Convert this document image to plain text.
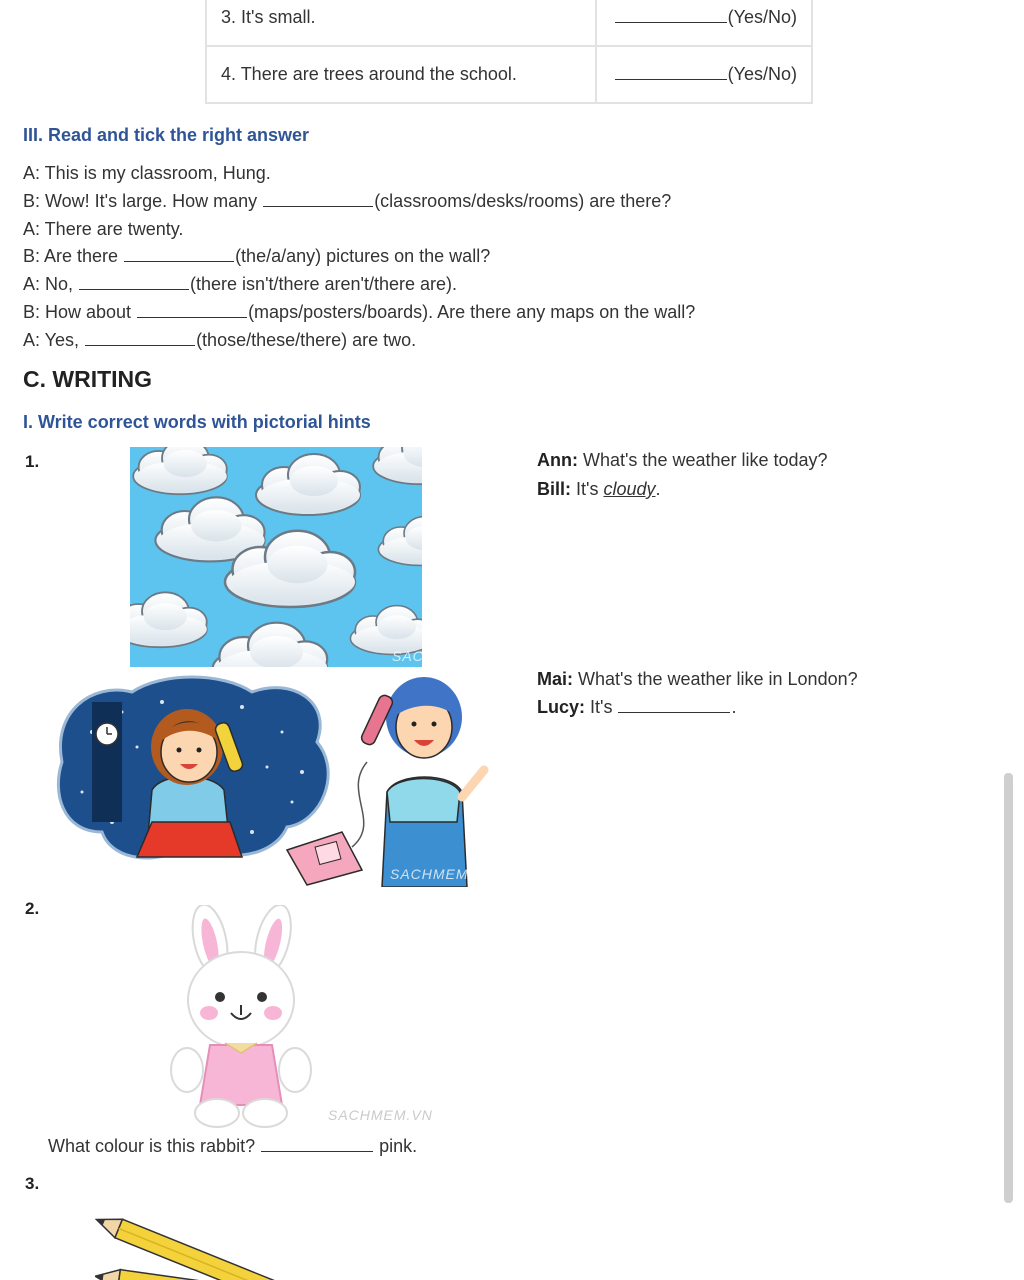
3. It's small.	(Yes/No)
4. There are trees around the school.	(Yes/No)
III. Read and tick the right answer
A: This is my classroom, Hung.
B: Wow! It's large. How many	(classrooms/desks/rooms) are there?
A: There are twenty.
B: Are there	(the/a/any) pictures on the wall?
A: No,	(there isn't/there aren't/there are).
B: How about	(maps/posters/boards). Are there any maps on the wall?
A: Yes,	(those/these/there) are two.
C. WRITING
I. Write correct words with pictorial hints
1.
SACHMEM.VN
Ann: What's the weather like today?
Bill: It's cloudy.
SACHMEM.VN
Mai: What's the weather like in London?
Lucy: It's	.
2.
SACHMEM.VN
What colour is this rabbit?	pink.
3.
